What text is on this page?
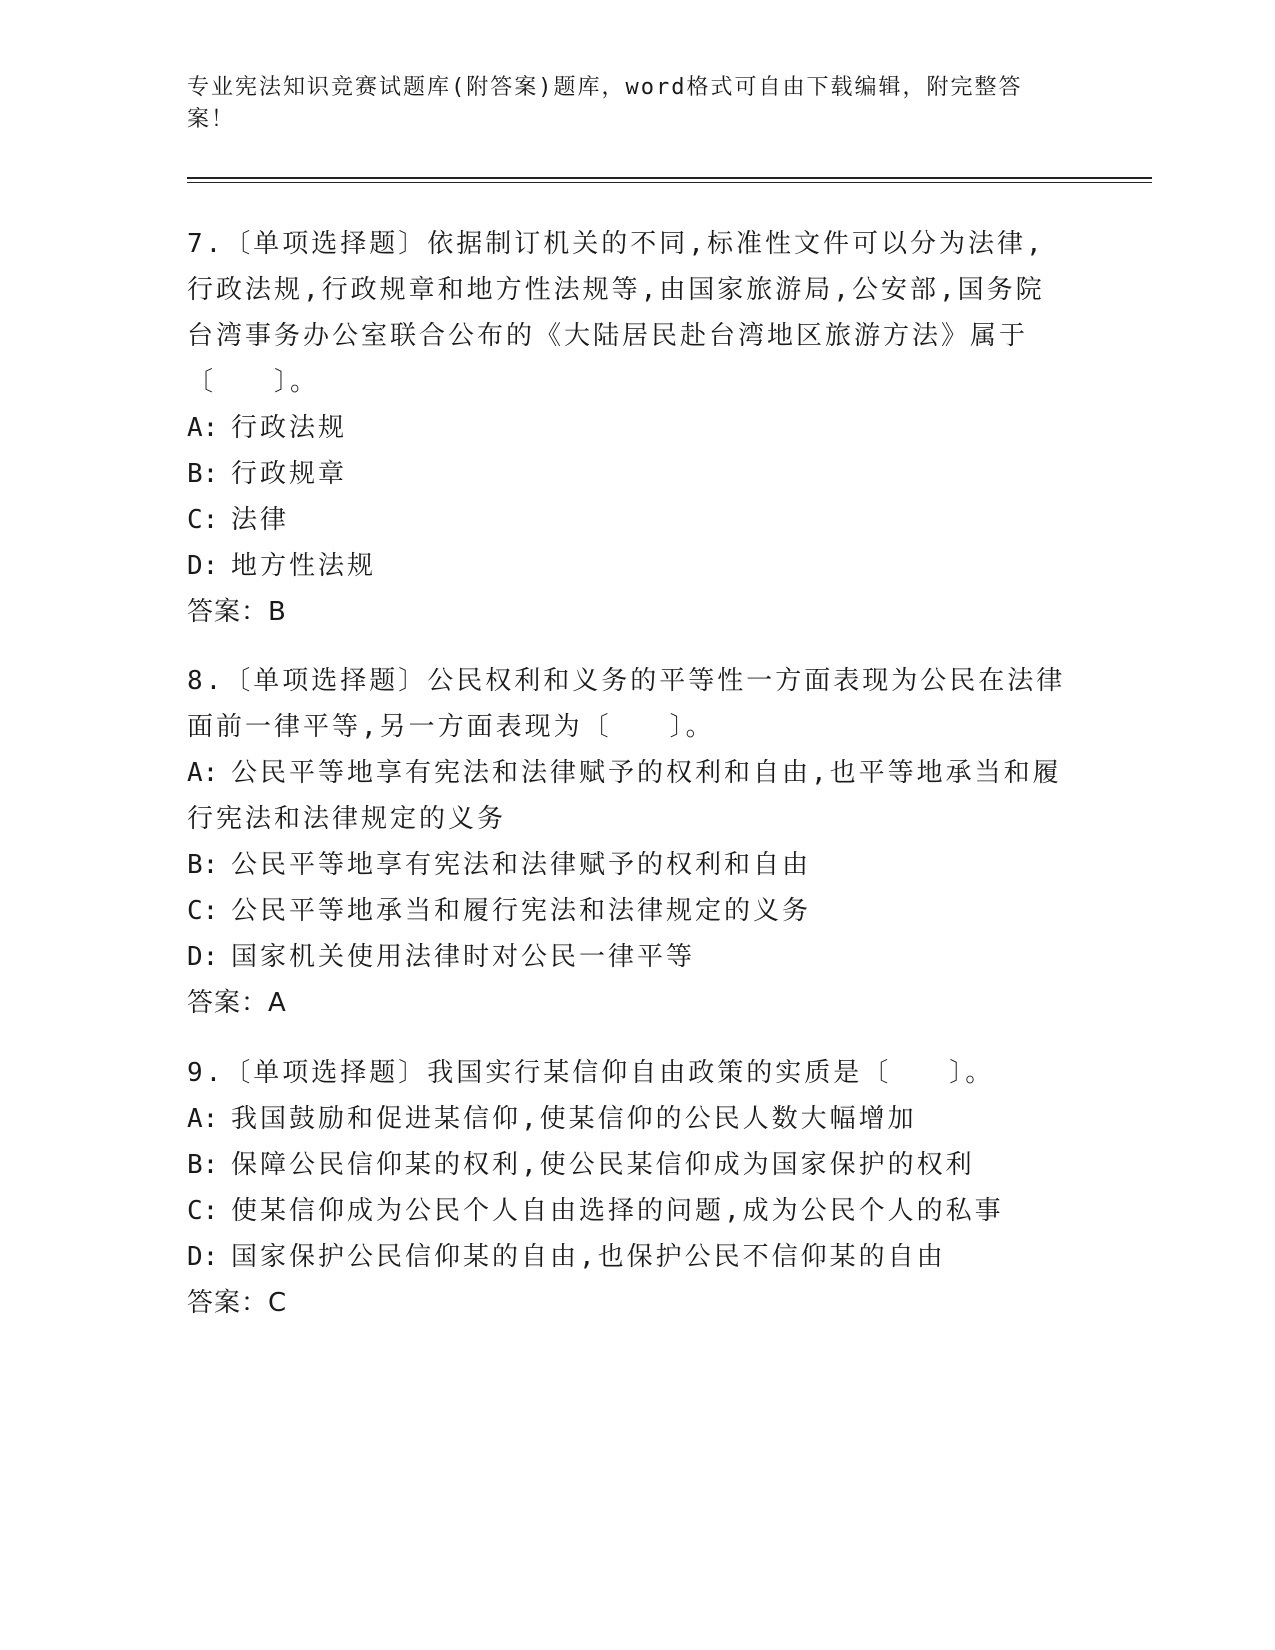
专业宪法知识竞赛试题库(附答案)题库，word格式可自由下载编辑，附完整答案！
7.〔单项选择题〕依据制订机关的不同,标准性文件可以分为法律,行政法规,行政规章和地方性法规等,由国家旅游局,公安部,国务院台湾事务办公室联合公布的《大陆居民赴台湾地区旅游方法》属于〔　　〕。
A: 行政法规
B: 行政规章
C: 法律
D: 地方性法规
答案：B
8.〔单项选择题〕公民权利和义务的平等性一方面表现为公民在法律面前一律平等,另一方面表现为〔　　〕。
A: 公民平等地享有宪法和法律赋予的权利和自由,也平等地承当和履行宪法和法律规定的义务
B: 公民平等地享有宪法和法律赋予的权利和自由
C: 公民平等地承当和履行宪法和法律规定的义务
D: 国家机关使用法律时对公民一律平等
答案：A
9.〔单项选择题〕我国实行某信仰自由政策的实质是〔　　〕。
A: 我国鼓励和促进某信仰,使某信仰的公民人数大幅增加
B: 保障公民信仰某的权利,使公民某信仰成为国家保护的权利
C: 使某信仰成为公民个人自由选择的问题,成为公民个人的私事
D: 国家保护公民信仰某的自由,也保护公民不信仰某的自由
答案：C
